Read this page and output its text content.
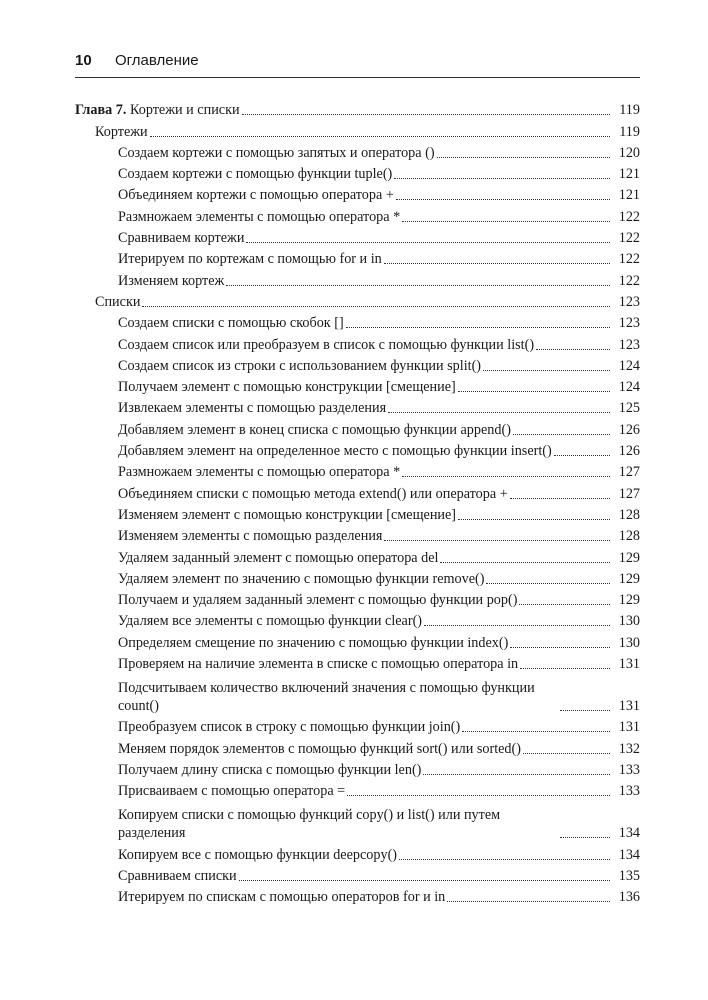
10 Оглавление
Глава 7. Кортежи и списки	119
Кортежи	119
Создаем кортежи с помощью запятых и оператора ()	120
Создаем кортежи с помощью функции tuple()	121
Объединяем кортежи с помощью оператора +	121
Размножаем элементы с помощью оператора *	122
Сравниваем кортежи	122
Итерируем по кортежам с помощью for и in	122
Изменяем кортеж	122
Списки	123
Создаем списки с помощью скобок []	123
Создаем список или преобразуем в список с помощью функции list()	123
Создаем список из строки с использованием функции split()	124
Получаем элемент с помощью конструкции [смещение]	124
Извлекаем элементы с помощью разделения	125
Добавляем элемент в конец списка с помощью функции append()	126
Добавляем элемент на определенное место с помощью функции insert()	126
Размножаем элементы с помощью оператора *	127
Объединяем списки с помощью метода extend() или оператора +	127
Изменяем элемент с помощью конструкции [смещение]	128
Изменяем элементы с помощью разделения	128
Удаляем заданный элемент с помощью оператора del	129
Удаляем элемент по значению с помощью функции remove()	129
Получаем и удаляем заданный элемент с помощью функции pop()	129
Удаляем все элементы с помощью функции clear()	130
Определяем смещение по значению с помощью функции index()	130
Проверяем на наличие элемента в списке с помощью оператора in	131
Подсчитываем количество включений значения с помощью функции count()	131
Преобразуем список в строку с помощью функции join()	131
Меняем порядок элементов с помощью функций sort() или sorted()	132
Получаем длину списка с помощью функции len()	133
Присваиваем с помощью оператора =	133
Копируем списки с помощью функций copy() и list() или путем разделения	134
Копируем все с помощью функции deepcopy()	134
Сравниваем списки	135
Итерируем по спискам с помощью операторов for и in	136
